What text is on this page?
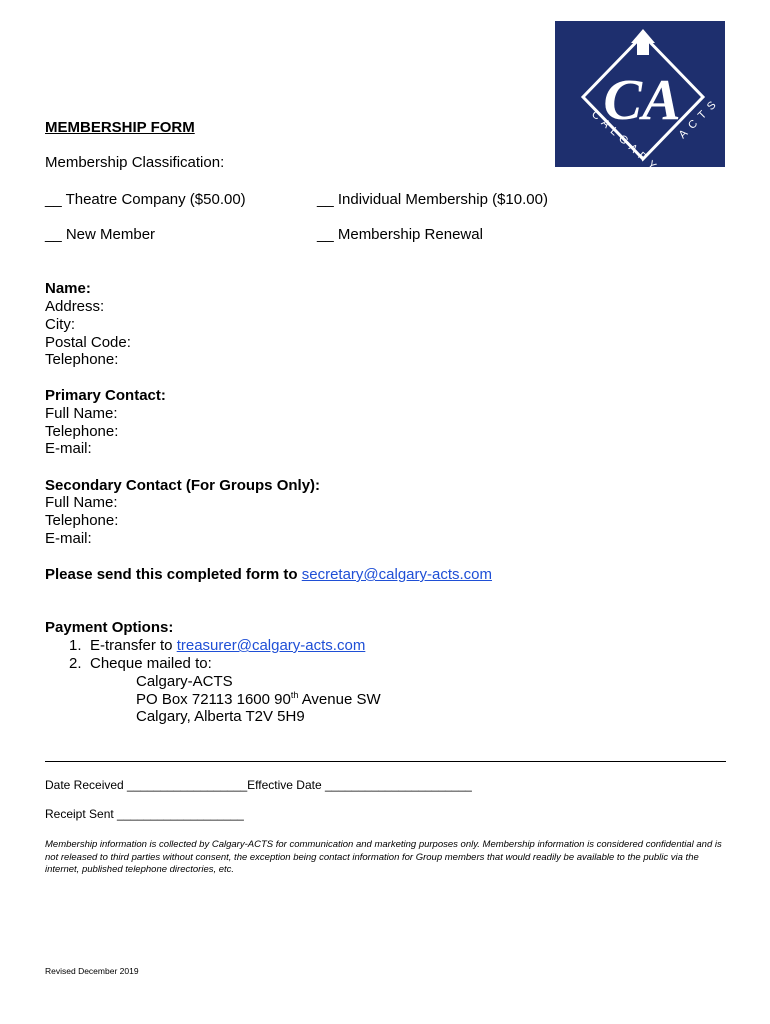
CA
CALGARY ACTS
MEMBERSHIP FORM
Membership Classification:
__ Theatre Company ($50.00)	__ Individual Membership ($10.00)
__ New Member	__ Membership Renewal
Name:
Address:
City:
Postal Code:
Telephone:
Primary Contact:
Full Name:
Telephone:
E-mail:
Secondary Contact (For Groups Only):
Full Name:
Telephone:
E-mail:
Please send this completed form to secretary@calgary-acts.com
Payment Options:
1. E-transfer to treasurer@calgary-acts.com
2. Cheque mailed to:
Calgary-ACTS
PO Box 72113 1600 90th Avenue SW
Calgary, Alberta T2V 5H9
Date Received __________________Effective Date ______________________
Receipt Sent ___________________
Membership information is collected by Calgary-ACTS for communication and marketing purposes only. Membership information is considered confidential and is not released to third parties without consent, the exception being contact information for Group members that would readily be available to the public via the internet, published telephone directories, etc.
Revised December 2019
